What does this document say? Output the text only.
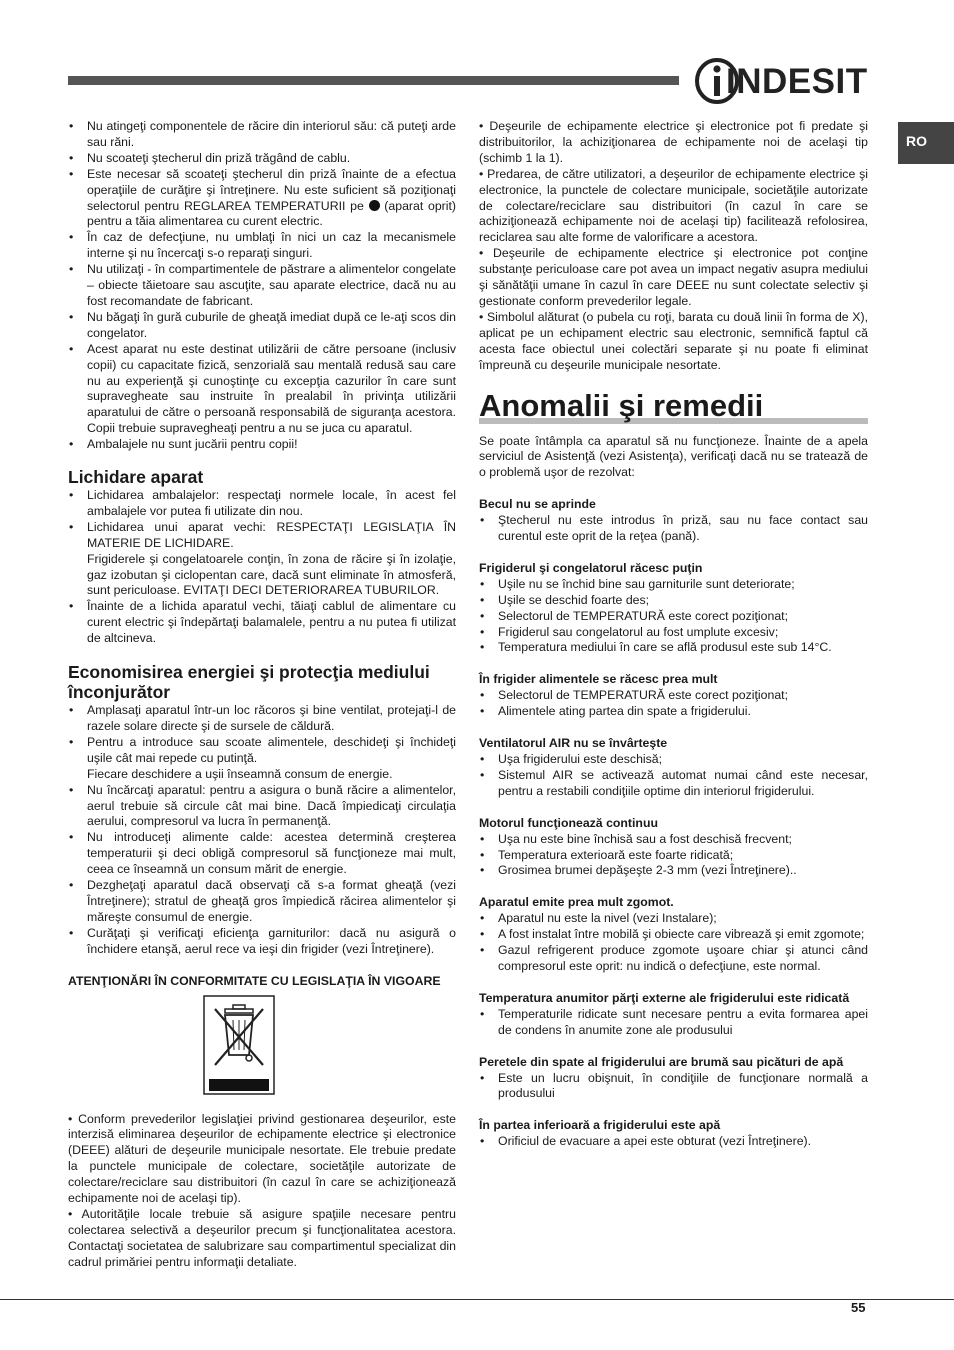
INDESIT
RO
• Nu atingeţi componentele de răcire din interiorul său: că puteţi arde sau răni.
• Nu scoateţi ştecherul din priză trăgând de cablu.
• Este necesar să scoateţi ştecherul din priză înainte de a efectua operaţiile de curăţire şi întreţinere. Nu este suficient să poziţionaţi selectorul pentru REGLAREA TEMPERATURII pe  (aparat oprit) pentru a tăia alimentarea cu curent electric.
• În caz de defecţiune, nu umblaţi în nici un caz la mecanismele interne şi nu încercaţi s-o reparaţi singuri.
• Nu utilizaţi - în compartimentele de păstrare a alimentelor congelate – obiecte tăietoare sau ascuţite, sau aparate electrice, dacă nu au fost recomandate de fabricant.
• Nu băgaţi în gură cuburile de gheaţă imediat după ce le-aţi scos din congelator.
• Acest aparat nu este destinat utilizării de către persoane (inclusiv copii) cu capacitate fizică, senzorială sau mentală redusă sau care nu au experienţă şi cunoştinţe cu excepţia cazurilor în care sunt supravegheate sau instruite în prealabil în privinţa utilizării aparatului de către o persoană responsabilă de siguranţa acestora. Copii trebuie supravegheaţi pentru a nu se juca cu aparatul.
• Ambalajele nu sunt jucării pentru copii!
Lichidare aparat
• Lichidarea ambalajelor: respectaţi normele locale, în acest fel ambalajele vor putea fi utilizate din nou.
• Lichidarea unui aparat vechi: RESPECTAŢI LEGISLAŢIA ÎN MATERIE DE LICHIDARE.
Frigiderele şi congelatoarele conţin, în zona de răcire şi în izolaţie, gaz izobutan şi ciclopentan care, dacă sunt eliminate în atmosferă, sunt periculoase. EVITAŢI DECI DETERIORAREA TUBURILOR.
• Înainte de a lichida aparatul vechi, tăiaţi cablul de alimentare cu curent electric şi îndepărtaţi balamalele, pentru a nu putea fi utilizat de altcineva.
Economisirea energiei şi protecţia mediului înconjurător
• Amplasaţi aparatul într-un loc răcoros şi bine ventilat, protejaţi-l de razele solare directe şi de sursele de căldură.
• Pentru a introduce sau scoate alimentele, deschideţi şi închideţi uşile cât mai repede cu putinţă.
Fiecare deschidere a uşii înseamnă consum de energie.
• Nu încărcaţi aparatul: pentru a asigura o bună răcire a alimentelor, aerul trebuie să circule cât mai bine. Dacă împiedicaţi circulaţia aerului, compresorul va lucra în permanenţă.
• Nu introduceţi alimente calde: acestea determină creşterea temperaturii şi deci obligă compresorul să funcţioneze mai mult, ceea ce înseamnă un consum mărit de energie.
• Dezgheţaţi aparatul dacă observaţi că s-a format gheaţă (vezi Întreţinere); stratul de gheaţă gros împiedică răcirea alimentelor şi măreşte consumul de energie.
• Curăţaţi şi verificaţi eficienţa garniturilor: dacă nu asigură o închidere etanşă, aerul rece va ieşi din frigider (vezi Întreţinere).
ATENŢIONĂRI ÎN CONFORMITATE CU LEGISLAŢIA ÎN VIGOARE
• Conform prevederilor legislaţiei privind gestionarea deşeurilor, este interzisă eliminarea deşeurilor de echipamente electrice şi electronice (DEEE) alături de deşeurile municipale nesortate. Ele trebuie predate la punctele municipale de colectare, societăţile autorizate de colectare/reciclare sau distribuitori (în cazul în care se achiziţionează echipamente noi de acelaşi tip).
• Autorităţile locale trebuie să asigure spaţiile necesare pentru colectarea selectivă a deşeurilor precum şi funcţionalitatea acestora. Contactaţi societatea de salubrizare sau compartimentul specializat din cadrul primăriei pentru informaţii detaliate.
• Deşeurile de echipamente electrice şi electronice pot fi predate şi distribuitorilor, la achiziţionarea de echipamente noi de acelaşi tip (schimb 1 la 1).
• Predarea, de către utilizatori, a deşeurilor de echipamente electrice şi electronice, la punctele de colectare municipale, societăţile autorizate de colectare/reciclare sau distribuitori (în cazul în care se achiziţionează echipamente noi de acelaşi tip) facilitează refolosirea, reciclarea sau alte forme de valorificare a acestora.
• Deşeurile de echipamente electrice şi electronice pot conţine substanţe periculoase care pot avea un impact negativ asupra mediului şi sănătăţii umane în cazul în care DEEE nu sunt colectate selectiv şi gestionate conform prevederilor legale.
• Simbolul alăturat (o pubela cu roţi, barata cu două linii în forma de X), aplicat pe un echipament electric sau electronic, semnifică faptul că acesta face obiectul unei colectări separate şi nu poate fi eliminat împreună cu deşeurile municipale nesortate.
Anomalii şi remedii
Se poate întâmpla ca aparatul să nu funcţioneze. Înainte de a apela serviciul de Asistenţă (vezi Asistenţa), verificaţi dacă nu se tratează de o problemă uşor de rezolvat:
Becul nu se aprinde
• Ştecherul nu este introdus în priză, sau nu face contact sau curentul este oprit de la reţea (pană).
Frigiderul şi congelatorul răcesc puţin
• Uşile nu se închid bine sau garniturile sunt deteriorate;
• Uşile se deschid foarte des;
• Selectorul de TEMPERATURĂ este corect poziţionat;
• Frigiderul sau congelatorul au fost umplute excesiv;
• Temperatura mediului în care se află produsul este sub 14°C.
În frigider alimentele se răcesc prea mult
• Selectorul de TEMPERATURĂ este corect poziţionat;
• Alimentele ating partea din spate a frigiderului.
Ventilatorul AIR nu se învârteşte
• Uşa frigiderului este deschisă;
• Sistemul AIR se activează automat numai când este necesar, pentru a restabili condiţiile optime din interiorul frigiderului.
Motorul funcţionează continuu
• Uşa nu este bine închisă sau a fost deschisă frecvent;
• Temperatura exterioară este foarte ridicată;
• Grosimea brumei depăşeşte 2-3 mm (vezi Întreţinere)..
Aparatul emite prea mult zgomot.
• Aparatul nu este la nivel (vezi Instalare);
• A fost instalat între mobilă şi obiecte care vibrează şi emit zgomote;
• Gazul refrigerent produce zgomote uşoare chiar şi atunci când compresorul este oprit: nu indică o defecţiune, este normal.
Temperatura anumitor părţi externe ale frigiderului este ridicată
• Temperaturile ridicate sunt necesare pentru a evita formarea apei de condens în anumite zone ale produsului
Peretele din spate al frigiderului are brumă sau picături de apă
• Este un lucru obişnuit, în condiţiile de funcţionare normală a produsului
În partea inferioară a frigiderului este apă
• Orificiul de evacuare a apei este obturat (vezi Întreţinere).
55
